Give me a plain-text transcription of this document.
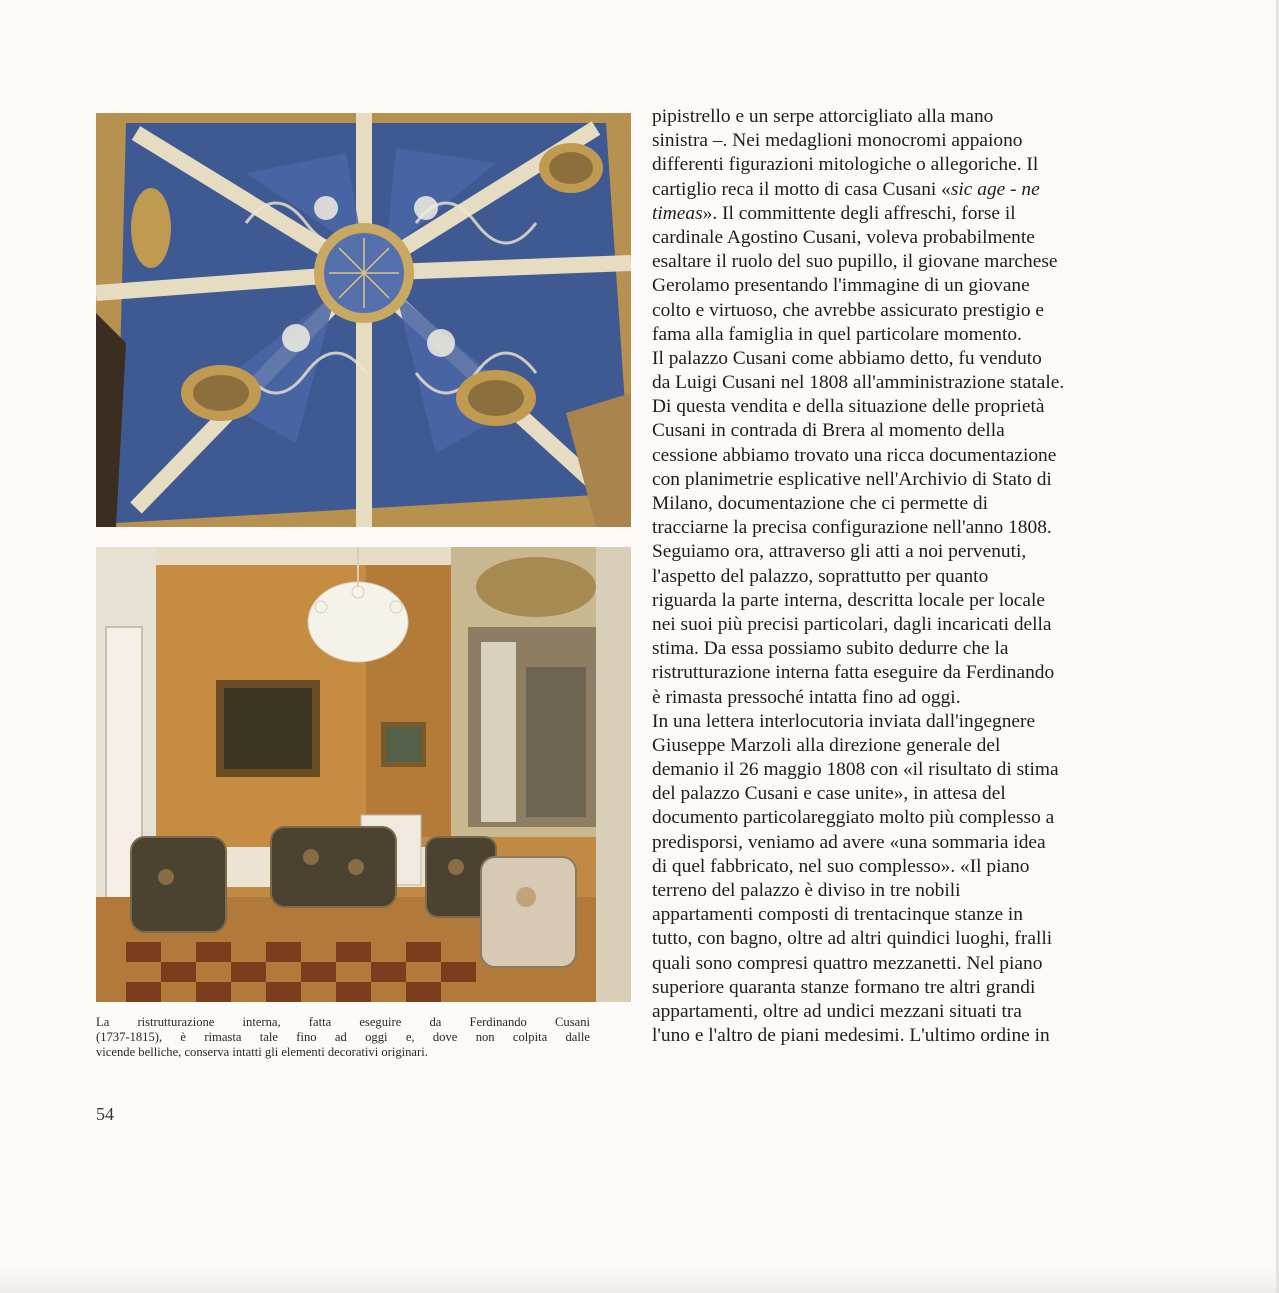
La ristrutturazione interna, fatta eseguire da Ferdinando Cusani
(1737-1815), è rimasta tale fino ad oggi e, dove non colpita dalle
vicende belliche, conserva intatti gli elementi decorativi originari.
54
pipistrello e un serpe attorcigliato alla mano
sinistra –. Nei medaglioni monocromi appaiono
differenti figurazioni mitologiche o allegoriche. Il
cartiglio reca il motto di casa Cusani «sic age - ne
timeas». Il committente degli affreschi, forse il
cardinale Agostino Cusani, voleva probabilmente
esaltare il ruolo del suo pupillo, il giovane marchese
Gerolamo presentando l'immagine di un giovane
colto e virtuoso, che avrebbe assicurato prestigio e
fama alla famiglia in quel particolare momento.
Il palazzo Cusani come abbiamo detto, fu venduto
da Luigi Cusani nel 1808 all'amministrazione statale.
Di questa vendita e della situazione delle proprietà
Cusani in contrada di Brera al momento della
cessione abbiamo trovato una ricca documentazione
con planimetrie esplicative nell'Archivio di Stato di
Milano, documentazione che ci permette di
tracciarne la precisa configurazione nell'anno 1808.
Seguiamo ora, attraverso gli atti a noi pervenuti,
l'aspetto del palazzo, soprattutto per quanto
riguarda la parte interna, descritta locale per locale
nei suoi più precisi particolari, dagli incaricati della
stima. Da essa possiamo subito dedurre che la
ristrutturazione interna fatta eseguire da Ferdinando
è rimasta pressoché intatta fino ad oggi.
In una lettera interlocutoria inviata dall'ingegnere
Giuseppe Marzoli alla direzione generale del
demanio il 26 maggio 1808 con «il risultato di stima
del palazzo Cusani e case unite», in attesa del
documento particolareggiato molto più complesso a
predisporsi, veniamo ad avere «una sommaria idea
di quel fabbricato, nel suo complesso». «Il piano
terreno del palazzo è diviso in tre nobili
appartamenti composti di trentacinque stanze in
tutto, con bagno, oltre ad altri quindici luoghi, fralli
quali sono compresi quattro mezzanetti. Nel piano
superiore quaranta stanze formano tre altri grandi
appartamenti, oltre ad undici mezzani situati tra
l'uno e l'altro de piani medesimi. L'ultimo ordine in
